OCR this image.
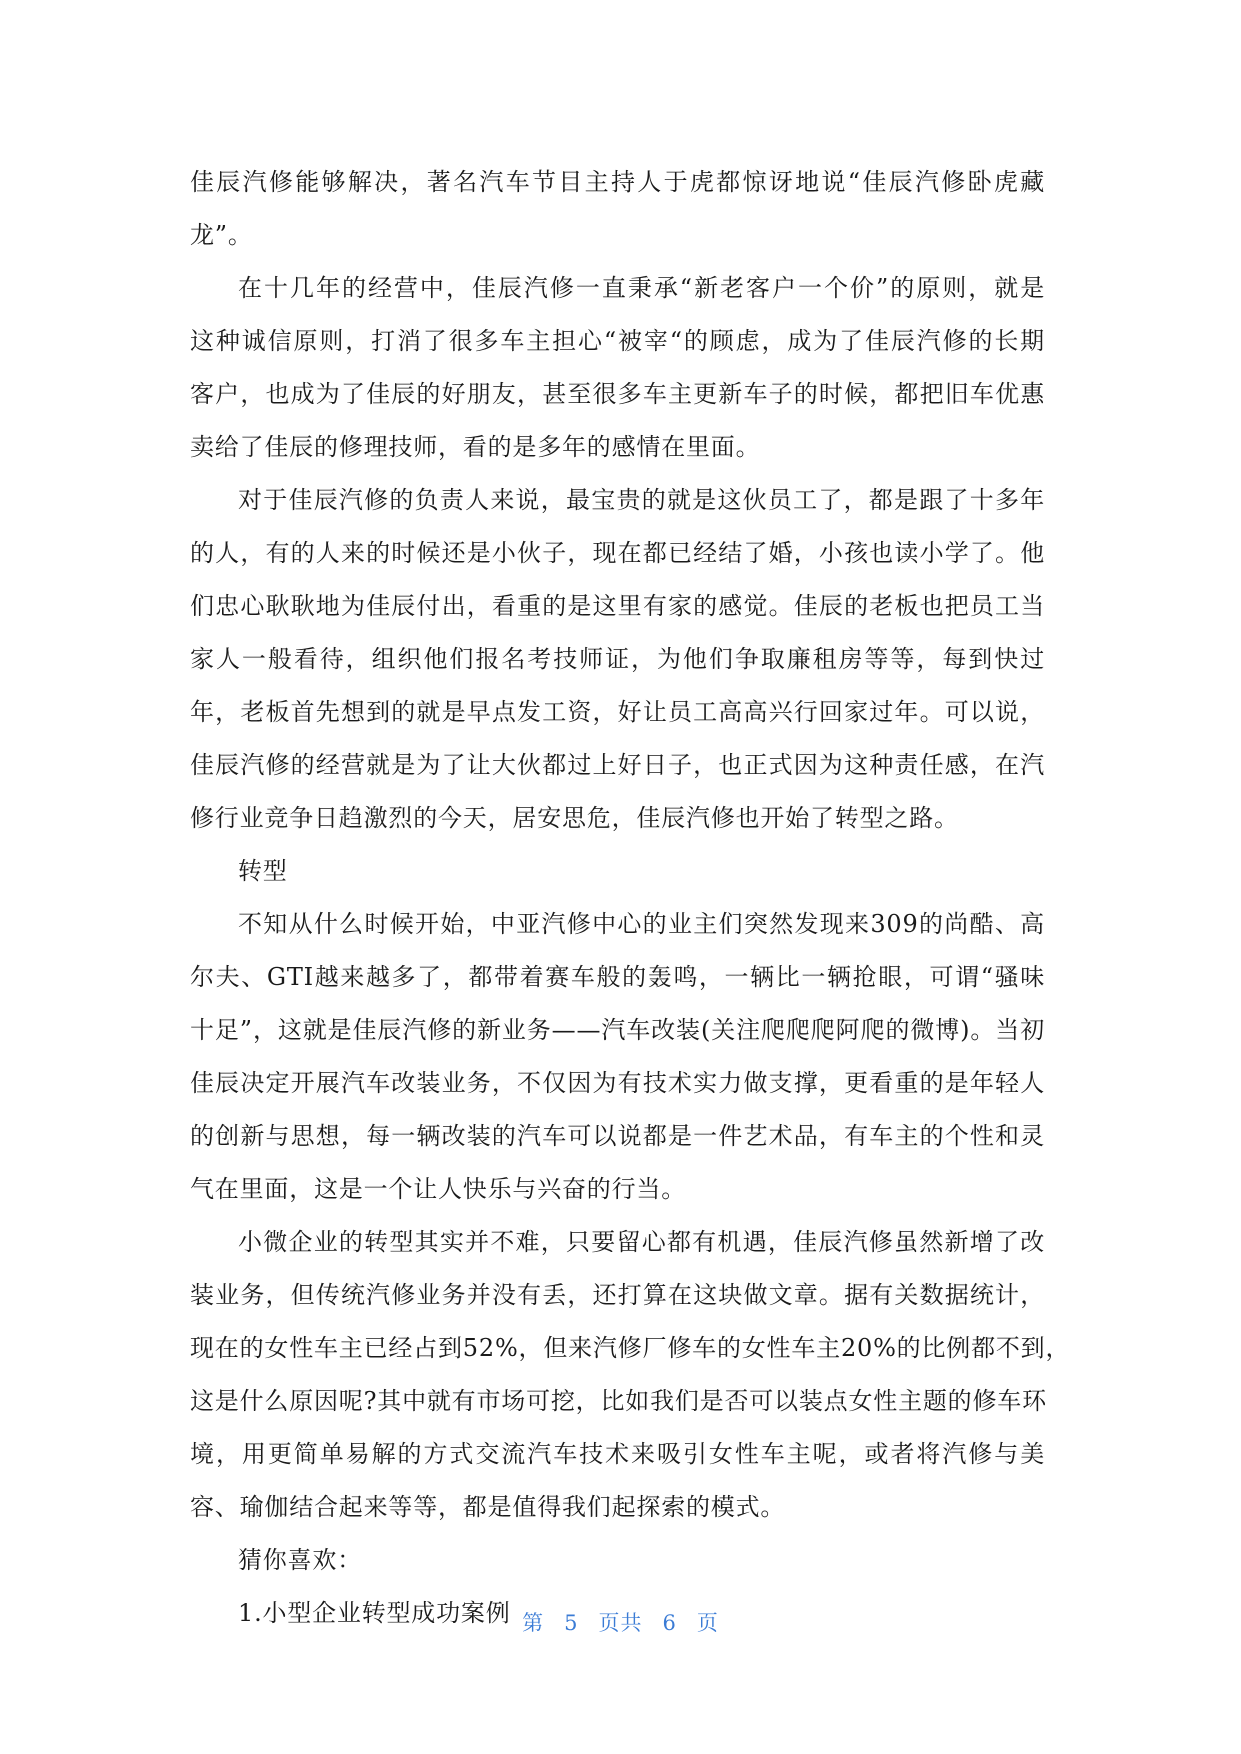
佳辰汽修能够解决，著名汽车节目主持人于虎都惊讶地说“佳辰汽修卧虎藏
龙”。
在十几年的经营中，佳辰汽修一直秉承“新老客户一个价”的原则，就是
这种诚信原则，打消了很多车主担心“被宰“的顾虑，成为了佳辰汽修的长期
客户，也成为了佳辰的好朋友，甚至很多车主更新车子的时候，都把旧车优惠
卖给了佳辰的修理技师，看的是多年的感情在里面。
对于佳辰汽修的负责人来说，最宝贵的就是这伙员工了，都是跟了十多年
的人，有的人来的时候还是小伙子，现在都已经结了婚，小孩也读小学了。他
们忠心耿耿地为佳辰付出，看重的是这里有家的感觉。佳辰的老板也把员工当
家人一般看待，组织他们报名考技师证，为他们争取廉租房等等，每到快过
年，老板首先想到的就是早点发工资，好让员工高高兴行回家过年。可以说，
佳辰汽修的经营就是为了让大伙都过上好日子，也正式因为这种责任感，在汽
修行业竞争日趋激烈的今天，居安思危，佳辰汽修也开始了转型之路。
转型
不知从什么时候开始，中亚汽修中心的业主们突然发现来309的尚酷、高
尔夫、GTI越来越多了，都带着赛车般的轰鸣，一辆比一辆抢眼，可谓“骚味
十足”，这就是佳辰汽修的新业务——汽车改装(关注爬爬爬阿爬的微博)。当初
佳辰决定开展汽车改装业务，不仅因为有技术实力做支撑，更看重的是年轻人
的创新与思想，每一辆改装的汽车可以说都是一件艺术品，有车主的个性和灵
气在里面，这是一个让人快乐与兴奋的行当。
小微企业的转型其实并不难，只要留心都有机遇，佳辰汽修虽然新增了改
装业务，但传统汽修业务并没有丢，还打算在这块做文章。据有关数据统计，
现在的女性车主已经占到52%，但来汽修厂修车的女性车主20%的比例都不到，
这是什么原因呢?其中就有市场可挖，比如我们是否可以装点女性主题的修车环
境，用更简单易解的方式交流汽车技术来吸引女性车主呢，或者将汽修与美
容、瑜伽结合起来等等，都是值得我们起探索的模式。
猜你喜欢：
1.小型企业转型成功案例 第 5 页共 6 页
